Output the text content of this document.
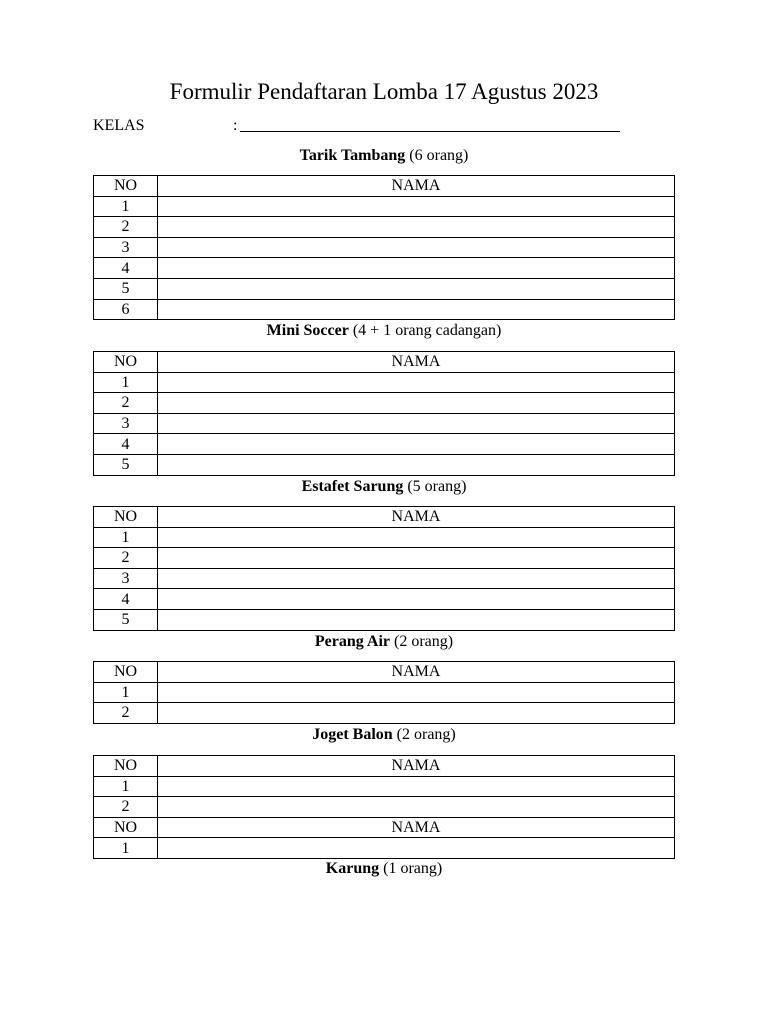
Formulir Pendaftaran Lomba 17 Agustus 2023
KELAS	:
Tarik Tambang (6 orang)
NO	NAMA
1	
2	
3	
4	
5	
6	
Mini Soccer (4 + 1 orang cadangan)
NO	NAMA
1	
2	
3	
4	
5	
Estafet Sarung (5 orang)
NO	NAMA
1	
2	
3	
4	
5	
Perang Air (2 orang)
NO	NAMA
1	
2	
Joget Balon (2 orang)
NO	NAMA
1	
2	
NO	NAMA
1	
Karung (1 orang)
